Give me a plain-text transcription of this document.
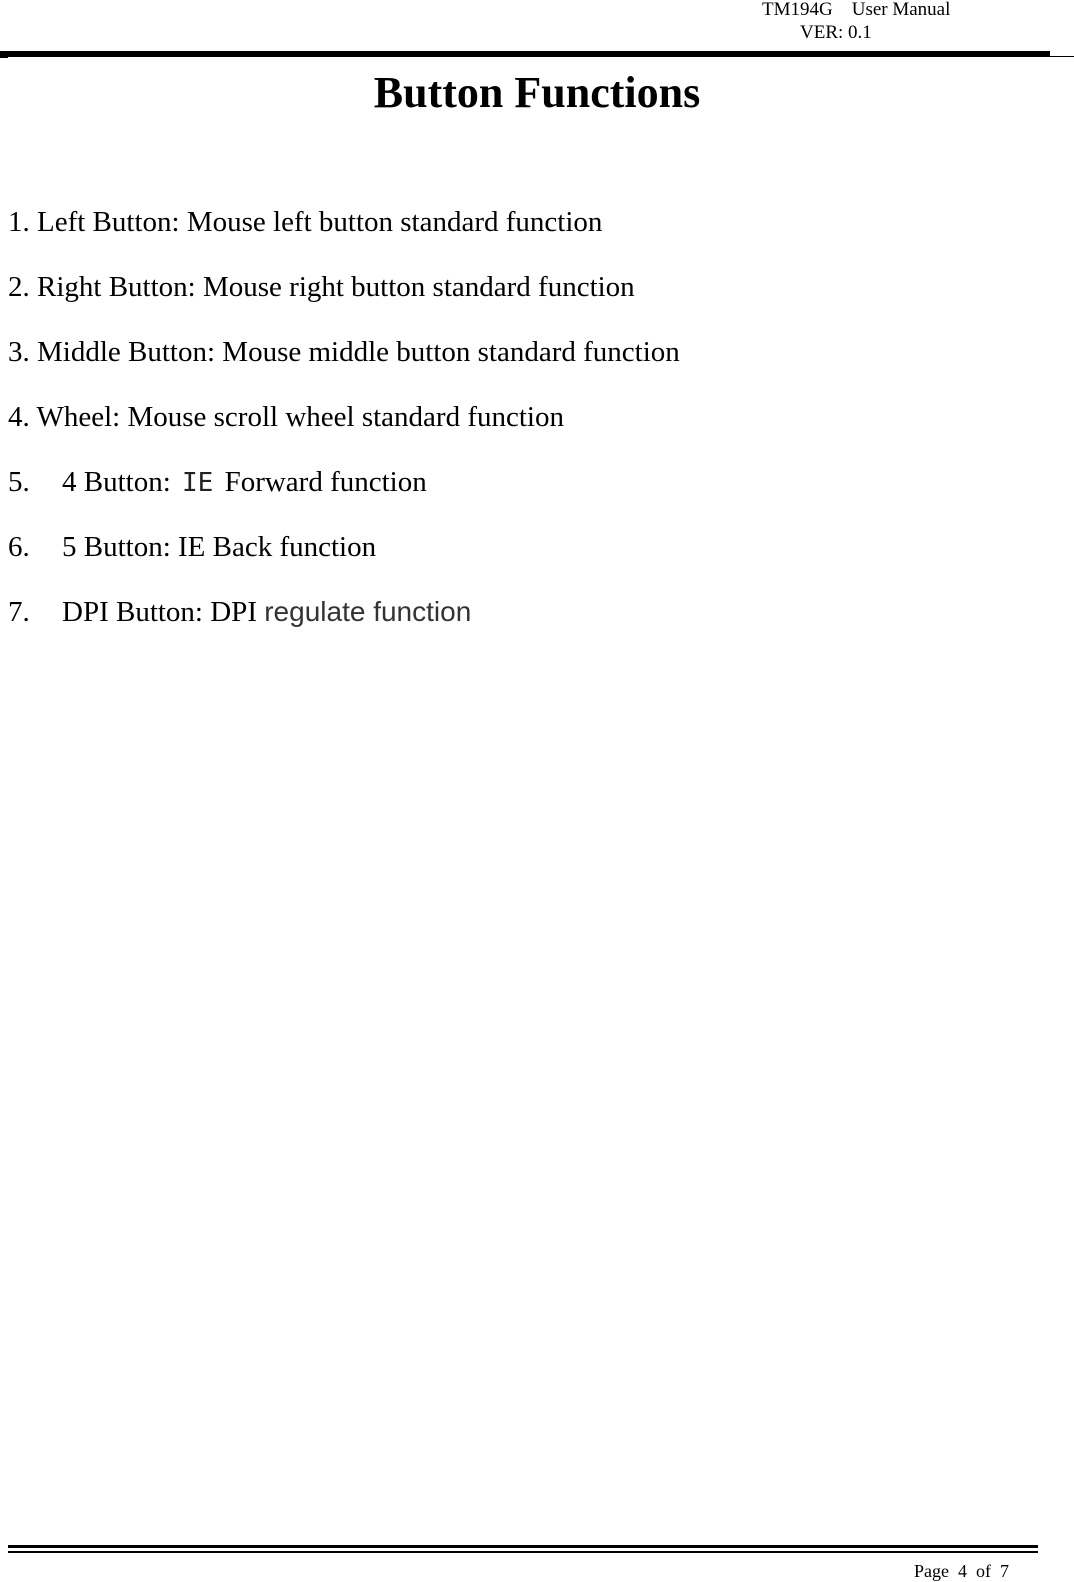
TM194G    User Manual
VER: 0.1
Button Functions
1. Left Button: Mouse left button standard function
2. Right Button: Mouse right button standard function
3. Middle Button: Mouse middle button standard function
4. Wheel: Mouse scroll wheel standard function
5. 4 Button: IE Forward function
6. 5 Button: IE Back function
7. DPI Button: DPI regulate function
Page  4  of  7
